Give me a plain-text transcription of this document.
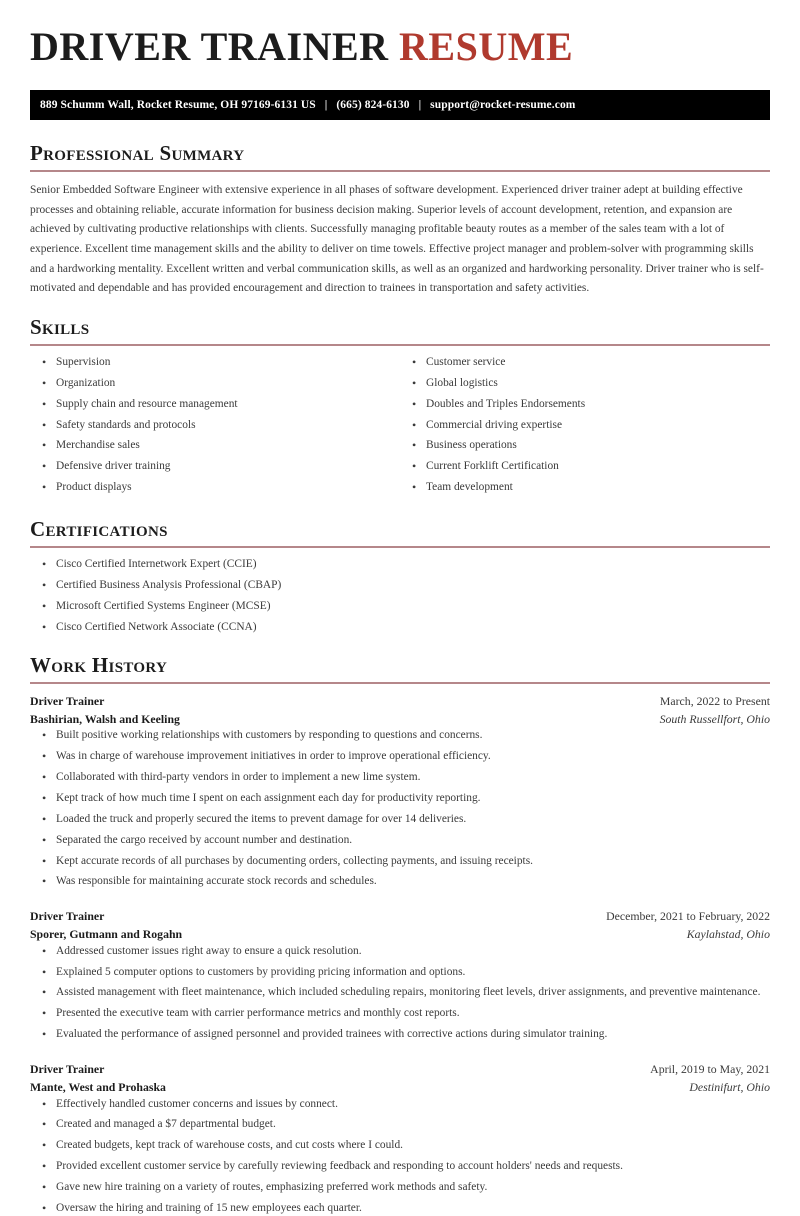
DRIVER TRAINER RESUME
889 Schumm Wall, Rocket Resume, OH 97169-6131 US | (665) 824-6130 | support@rocket-resume.com
Professional Summary

Senior Embedded Software Engineer with extensive experience in all phases of software development. Experienced driver trainer adept at building effective processes and obtaining reliable, accurate information for business decision making. Superior levels of account development, retention, and expansion are achieved by cultivating productive relationships with clients. Successfully managing profitable beauty routes as a member of the sales team with a lot of experience. Excellent time management skills and the ability to deliver on time towels. Effective project manager and problem-solver with programming skills and a hardworking mentality. Excellent written and verbal communication skills, as well as an organized and hardworking personality. Driver trainer who is self-motivated and dependable and has provided encouragement and direction to trainees in transportation and safety activities.

Skills
• Supervision
• Organization
• Supply chain and resource management
• Safety standards and protocols
• Merchandise sales
• Defensive driver training
• Product displays
• Customer service
• Global logistics
• Doubles and Triples Endorsements
• Commercial driving expertise
• Business operations
• Current Forklift Certification
• Team development
Certifications
• Cisco Certified Internetwork Expert (CCIE)
• Certified Business Analysis Professional (CBAP)
• Microsoft Certified Systems Engineer (MCSE)
• Cisco Certified Network Associate (CCNA)
Work History
Driver Trainer	March, 2022 to Present
Bashirian, Walsh and Keeling	South Russellfort, Ohio
• Built positive working relationships with customers by responding to questions and concerns.
• Was in charge of warehouse improvement initiatives in order to improve operational efficiency.
• Collaborated with third-party vendors in order to implement a new lime system.
• Kept track of how much time I spent on each assignment each day for productivity reporting.
• Loaded the truck and properly secured the items to prevent damage for over 14 deliveries.
• Separated the cargo received by account number and destination.
• Kept accurate records of all purchases by documenting orders, collecting payments, and issuing receipts.
• Was responsible for maintaining accurate stock records and schedules.
Driver Trainer	December, 2021 to February, 2022
Sporer, Gutmann and Rogahn	Kaylahstad, Ohio
• Addressed customer issues right away to ensure a quick resolution.
• Explained 5 computer options to customers by providing pricing information and options.
• Assisted management with fleet maintenance, which included scheduling repairs, monitoring fleet levels, driver assignments, and preventive maintenance.
• Presented the executive team with carrier performance metrics and monthly cost reports.
• Evaluated the performance of assigned personnel and provided trainees with corrective actions during simulator training.
Driver Trainer	April, 2019 to May, 2021
Mante, West and Prohaska	Destinifurt, Ohio
• Effectively handled customer concerns and issues by connect.
• Created and managed a $7 departmental budget.
• Created budgets, kept track of warehouse costs, and cut costs where I could.
• Provided excellent customer service by carefully reviewing feedback and responding to account holders' needs and requests.
• Gave new hire training on a variety of routes, emphasizing preferred work methods and safety.
• Oversaw the hiring and training of 15 new employees each quarter.
